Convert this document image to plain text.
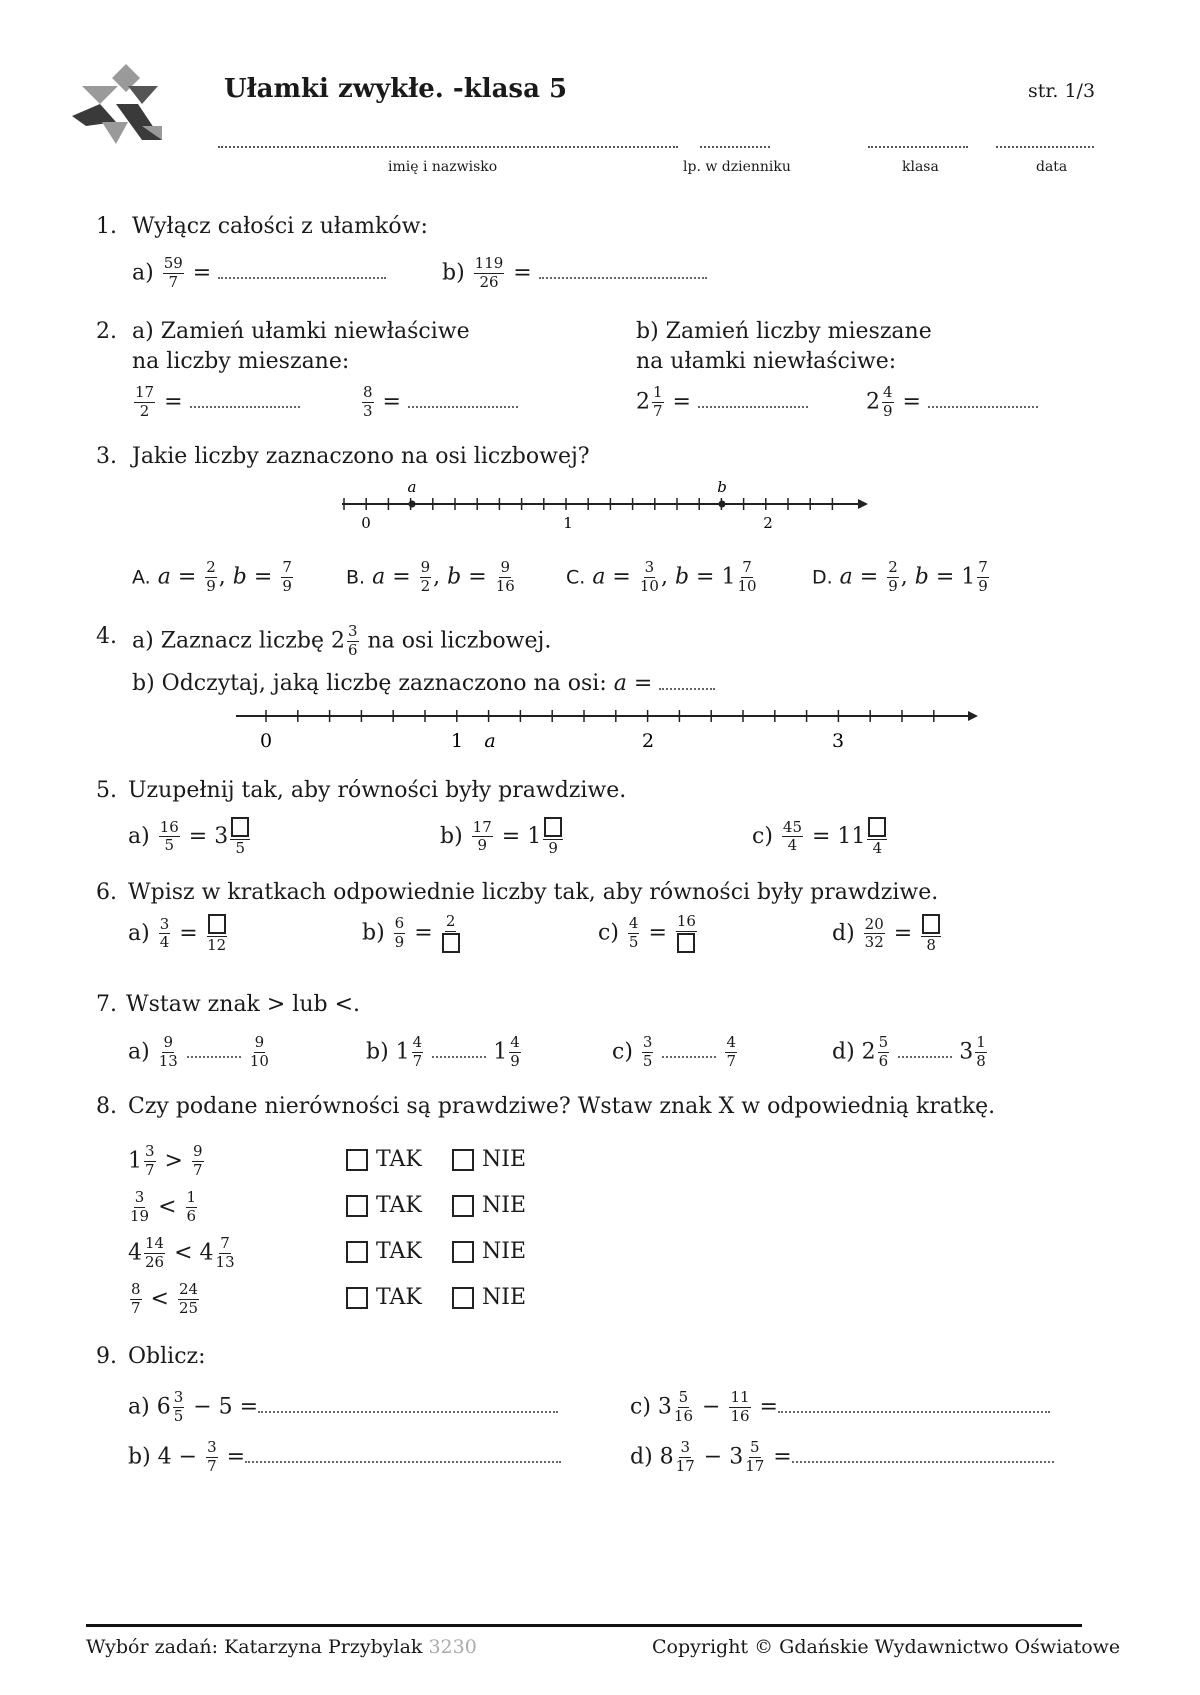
Ułamki zwykłe. -klasa 5	str. 1/3
imię i nazwisko	lp. w dzienniku	klasa	data
1. Wyłącz całości z ułamków:
$a) \frac{59}{7}$ =	$b) \frac{119}{26}$ =
2. a) Zamień ułamki niewłaściwe
na liczby mieszane:
b) Zamień liczby mieszane
na ułamki niewłaściwe:
$\frac{17}{2}$ =	$\frac{8}{3}$ =	$2 \frac{1}{7}$ =	$2 \frac{4}{9}$ =
3. Jakie liczby zaznaczono na osi liczbowej?
a	b
0	1	2
A. $a = \frac{2}{9}$ , $b = \frac{7}{9}$	B. $a = \frac{9}{2}$ , $b = \frac{9}{16}$	C. $a = \frac{3}{10}$ , $b = 1 \frac{7}{10}$	D. $a = \frac{2}{9}$ , $b = 1 \frac{7}{9}$
4. a) Zaznacz liczbę $2 \frac{3}{6}$ na osi liczbowej.
b) Odczytaj, jaką liczbę zaznaczono na osi: a =
0	1	2	3
a
5. Uzupełnij tak, aby równości były prawdziwe.
$a) \frac{16}{5} = 3$ 5	$b) \frac{17}{9} = 1$ 9	$c) \frac{45}{4} = 11$ 4
6. Wpisz w kratkach odpowiednie liczby tak, aby równości były prawdziwe.
$a) \frac{3}{4} = 12$	$b) \frac{6}{9} = 2$	$c) \frac{4}{5} = 16$	$d) \frac{20}{32} = 8$
7. Wstaw znak > lub <.
$a) \frac{9}{13}$
	$\frac{9}{10}$	b) $1 \frac{4}{7}$	$1 \frac{4}{9}$	$c) \frac{3}{5}$
	$\frac{4}{7}$	d) $2 \frac{5}{6}$	$3 \frac{1}{8}$
8. Czy podane nierówności są prawdziwe? Wstaw znak X w odpowiednią kratkę.
$1 \frac{3}{7} > \frac{9}{7}$	TAK	NIE
$\frac{3}{19} < \frac{1}{6}$	TAK	NIE
$4 \frac{14}{26} < 4 \frac{7}{13}$	TAK	NIE
$\frac{8}{7} < \frac{24}{25}$	TAK	NIE
9. Oblicz:
a) $6 \frac{3}{5} - 5$ =
b) $4 - \frac{3}{7}$ =
c) $3 \frac{5}{16} - \frac{11}{16}$ =
d) $8 \frac{3}{17} - 3 \frac{5}{17}$ =
Wybór zadań: Katarzyna Przybylak 3230	Copyright © Gdańskie Wydawnictwo Oświatowe
